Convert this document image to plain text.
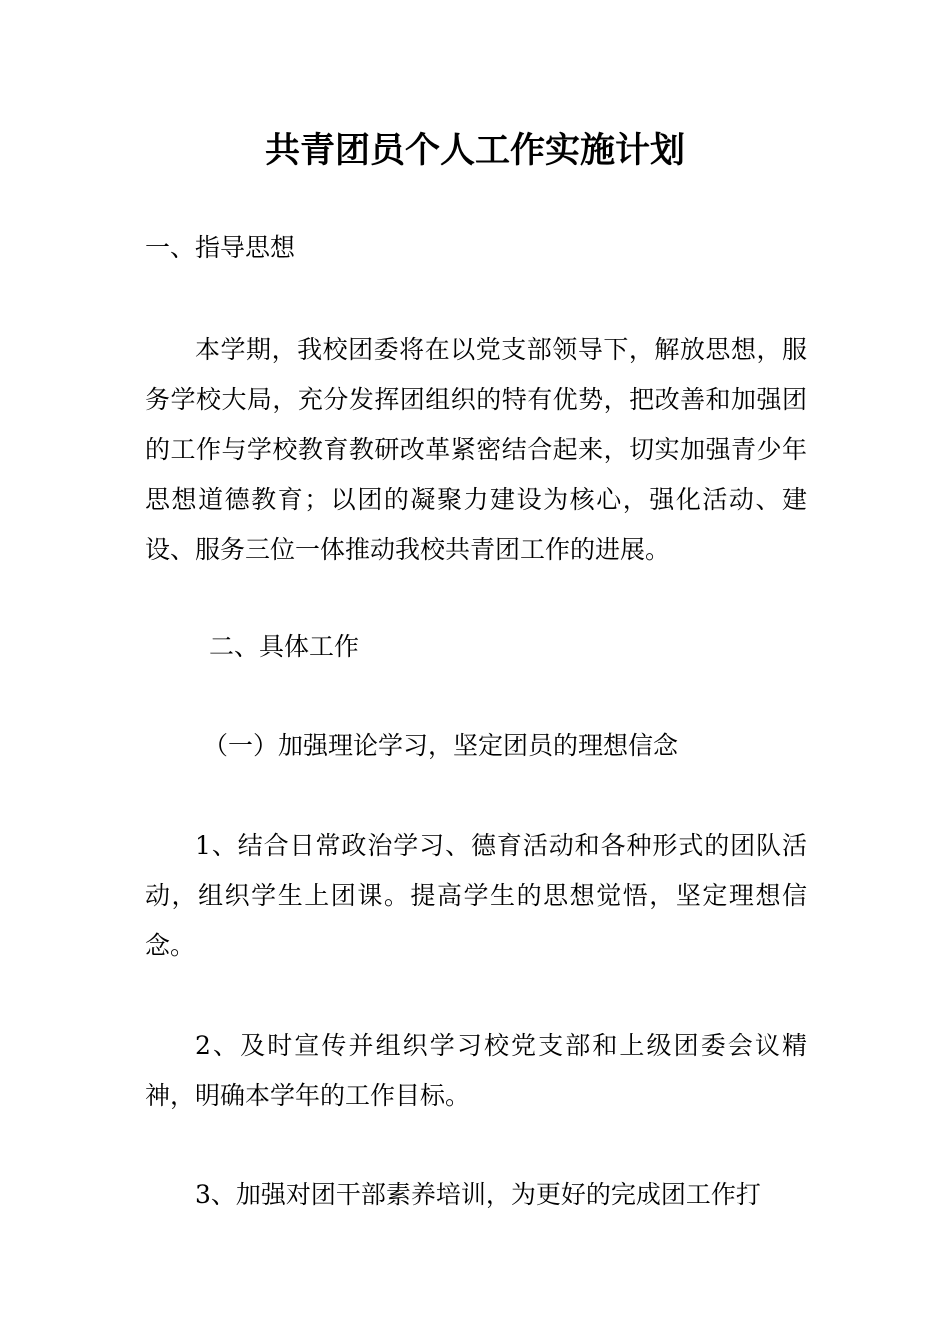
共青团员个人工作实施计划

一、指导思想

本学期，我校团委将在以党支部领导下，解放思想，服务学校大局，充分发挥团组织的特有优势，把改善和加强团的工作与学校教育教研改革紧密结合起来，切实加强青少年思想道德教育；以团的凝聚力建设为核心，强化活动、建设、服务三位一体推动我校共青团工作的进展。

二、具体工作

（一）加强理论学习，坚定团员的理想信念

1、结合日常政治学习、德育活动和各种形式的团队活动，组织学生上团课。提高学生的思想觉悟，坚定理想信念。

2、及时宣传并组织学习校党支部和上级团委会议精神，明确本学年的工作目标。

3、加强对团干部素养培训，为更好的完成团工作打
